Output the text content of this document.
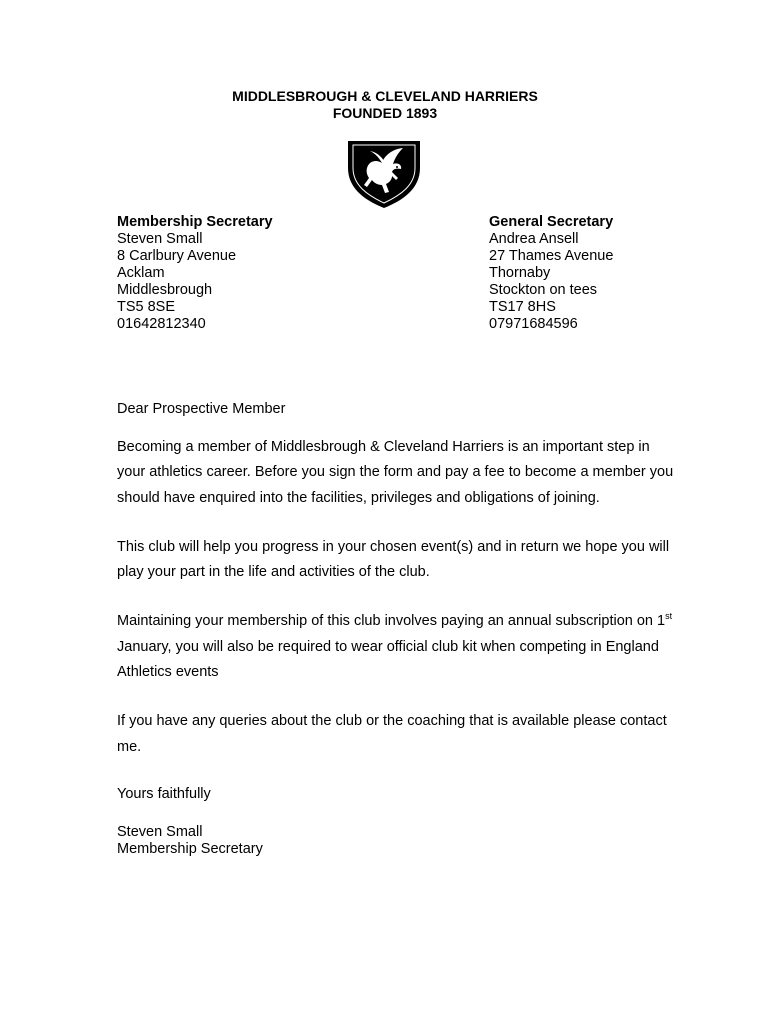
MIDDLESBROUGH & CLEVELAND HARRIERS
FOUNDED 1893
Membership Secretary
Steven Small
8 Carlbury Avenue
Acklam
Middlesbrough
TS5 8SE
01642812340
General Secretary
Andrea Ansell
27 Thames Avenue
Thornaby
Stockton on tees
TS17 8HS
07971684596

Dear Prospective Member

Becoming a member of Middlesbrough & Cleveland Harriers is an important step in your athletics career. Before you sign the form and pay a fee to become a member you should have enquired into the facilities, privileges and obligations of joining.

This club will help you progress in your chosen event(s) and in return we hope you will play your part in the life and activities of the club.

Maintaining your membership of this club involves paying an annual subscription on 1st January, you will also be required to wear official club kit when competing in England Athletics events

If you have any queries about the club or the coaching that is available please contact me.

Yours faithfully

Steven Small
Membership Secretary
